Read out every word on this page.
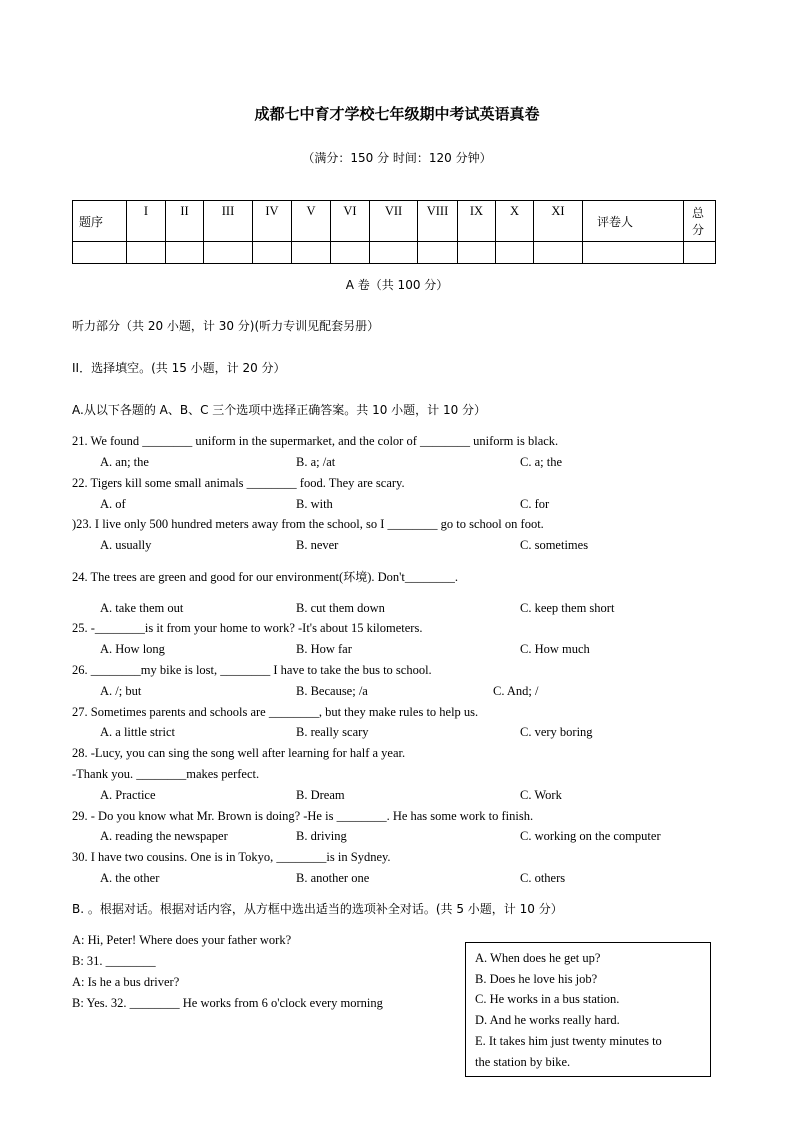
成都七中育才学校七年级期中考试英语真卷
（满分：150 分 时间：120 分钟）
题序	I	II	III	IV	V	VI	VII	VIII	IX	X	XI	评卷人	总分

A 卷（共 100 分）
听力部分（共 20 小题，计 30 分)(听力专训见配套另册）
II．选择填空。(共 15 小题，计 20 分）
A.从以下各题的 A、B、C 三个选项中选择正确答案。共 10 小题，计 10 分）
21. We found ________ uniform in the supermarket, and the color of ________ uniform is black.
A. an; the	B. a; /at	C. a; the
22. Tigers kill some small animals ________ food. They are scary.
A. of	B. with	C. for
)23. I live only 500 hundred meters away from the school, so I ________ go to school on foot.
A. usually	B. never	C. sometimes
24. The trees are green and good for our environment(环境). Don't________.
A. take them out	B. cut them down	C. keep them short
25. -________is it from your home to work? -It's about 15 kilometers.
A. How long	B. How far	C. How much
26. ________my bike is lost, ________ I have to take the bus to school.
A. /; but	B. Because; /a	C. And; /
27. Sometimes parents and schools are ________, but they make rules to help us.
A. a little strict	B. really scary	C. very boring
28. -Lucy, you can sing the song well after learning for half a year.
-Thank you. ________makes perfect.
A. Practice	B. Dream	C. Work
29. - Do you know what Mr. Brown is doing? -He is ________. He has some work to finish.
A. reading the newspaper	B. driving	C. working on the computer
30. I have two cousins. One is in Tokyo, ________is in Sydney.
A. the other	B. another one	C. others
B. 。根据对话。根据对话内容，从方框中选出适当的选项补全对话。(共 5 小题，计 10 分）
A: Hi, Peter! Where does your father work?
B: 31. ________
A: Is he a bus driver?
B: Yes. 32. ________ He works from 6 o'clock every morning
A. When does he get up?
B. Does he love his job?
C. He works in a bus station.
D. And he works really hard.
E. It takes him just twenty minutes to
the station by bike.
